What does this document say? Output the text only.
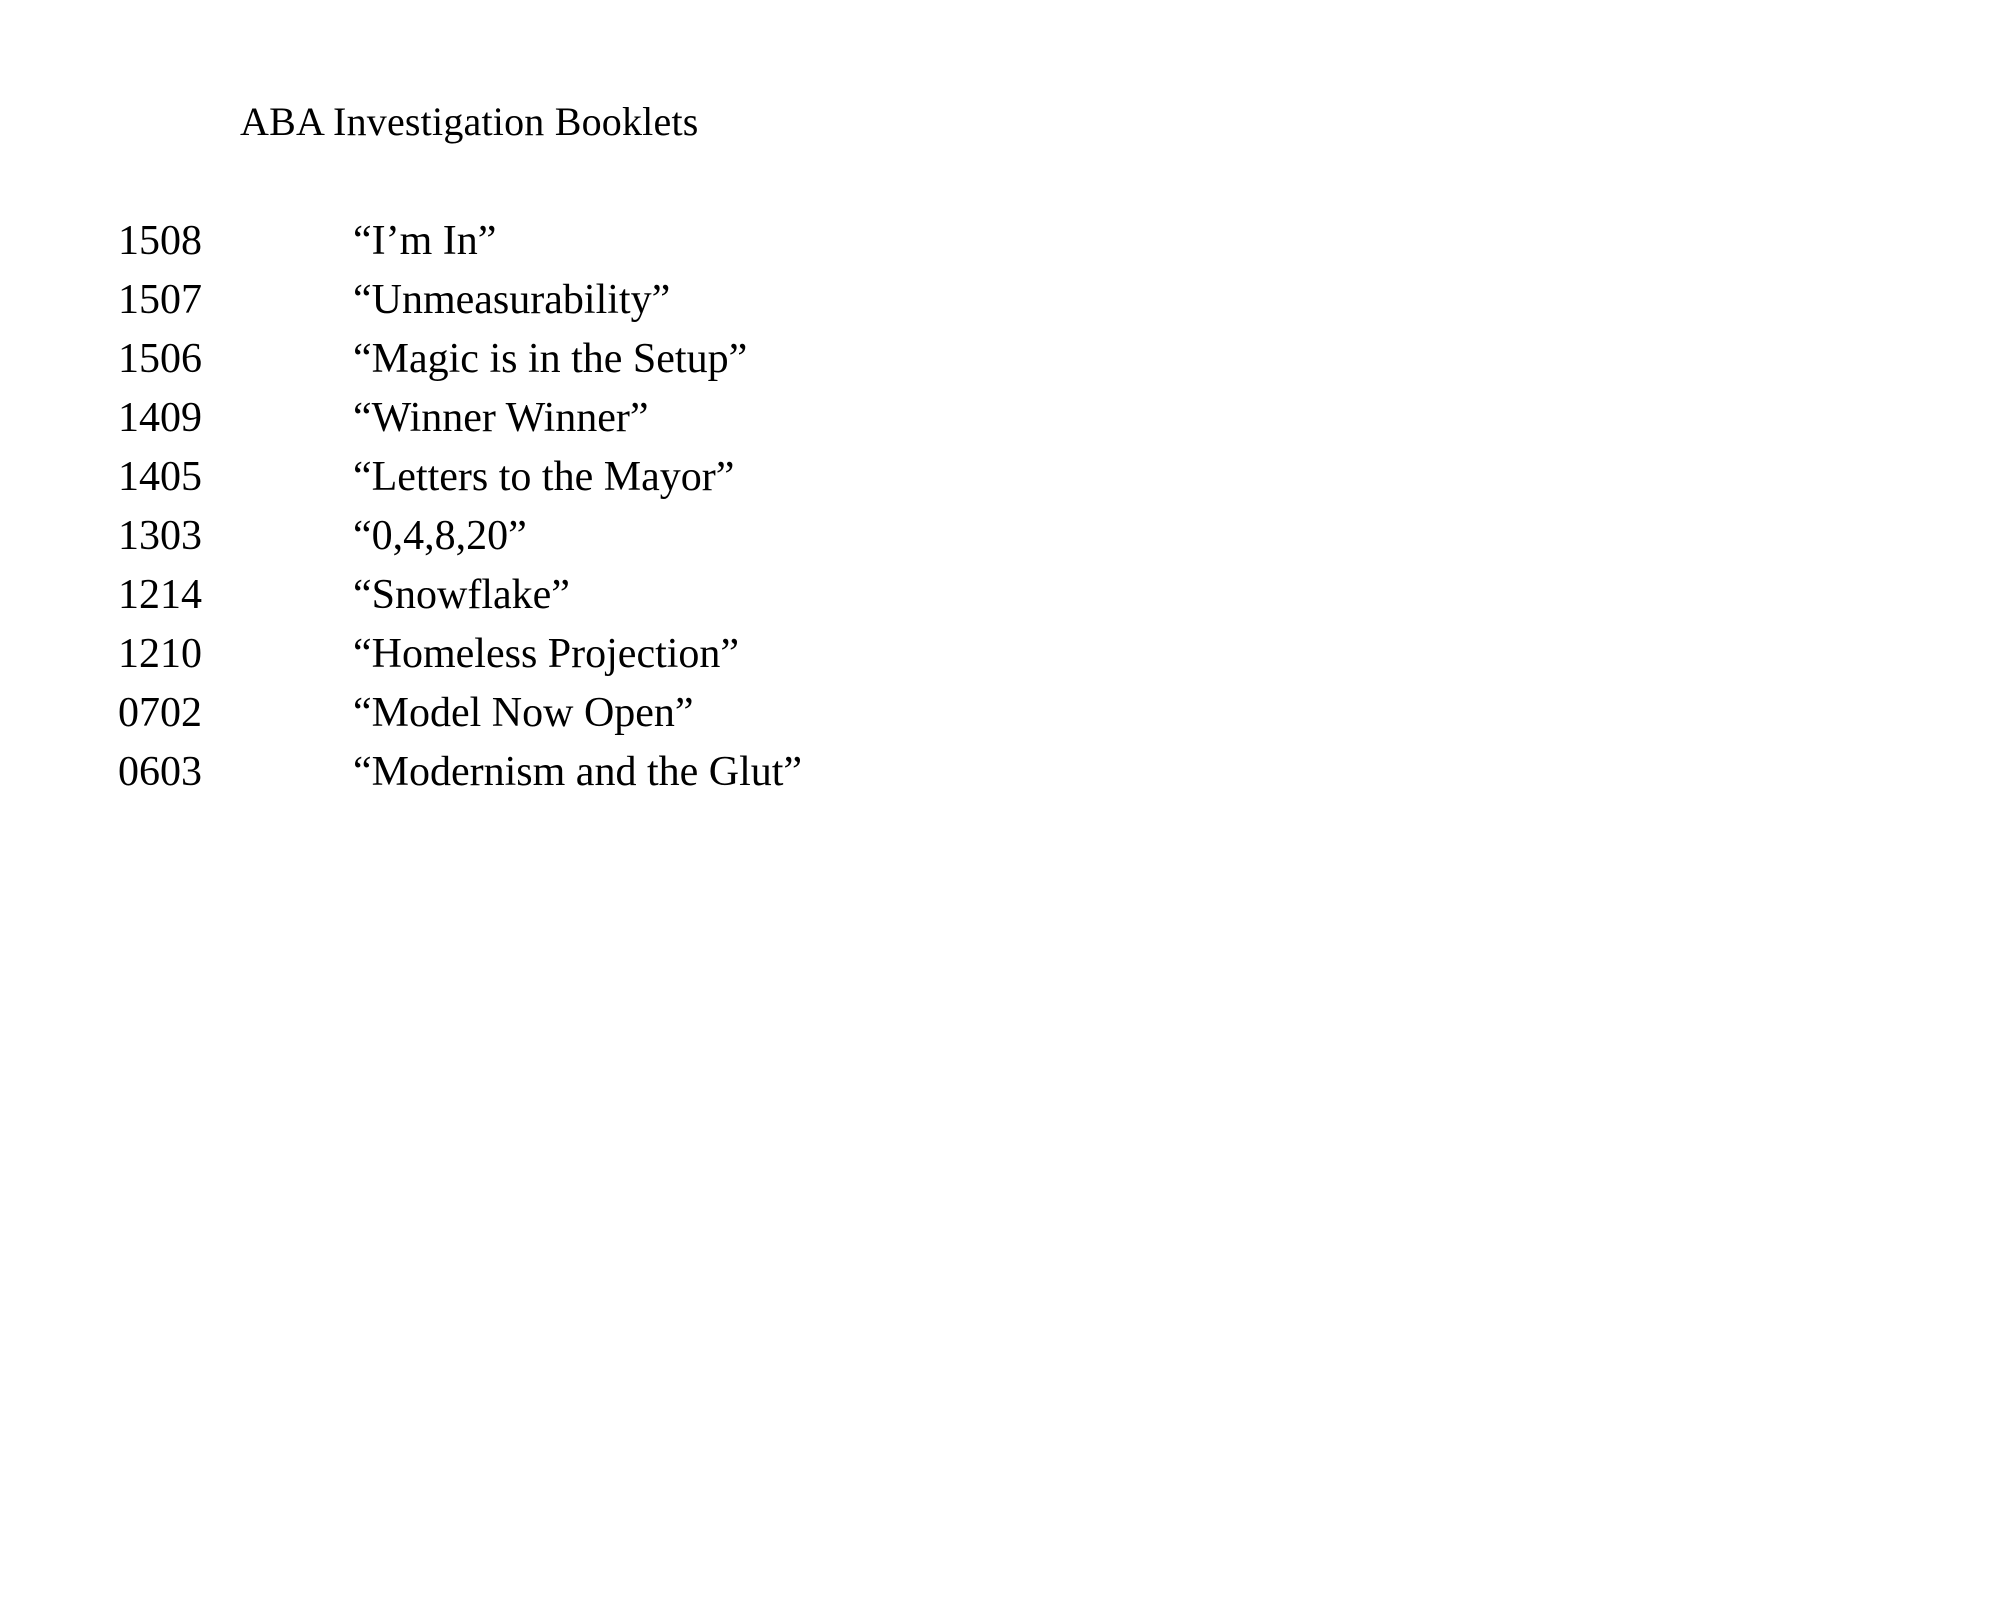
ABA Investigation Booklets
1508	“I’m In”
1507	“Unmeasurability”
1506	“Magic is in the Setup”
1409	“Winner Winner”
1405	“Letters to the Mayor”
1303	“0,4,8,20”
1214	“Snowflake”
1210	“Homeless Projection”
0702	“Model Now Open”
0603	“Modernism and the Glut”
